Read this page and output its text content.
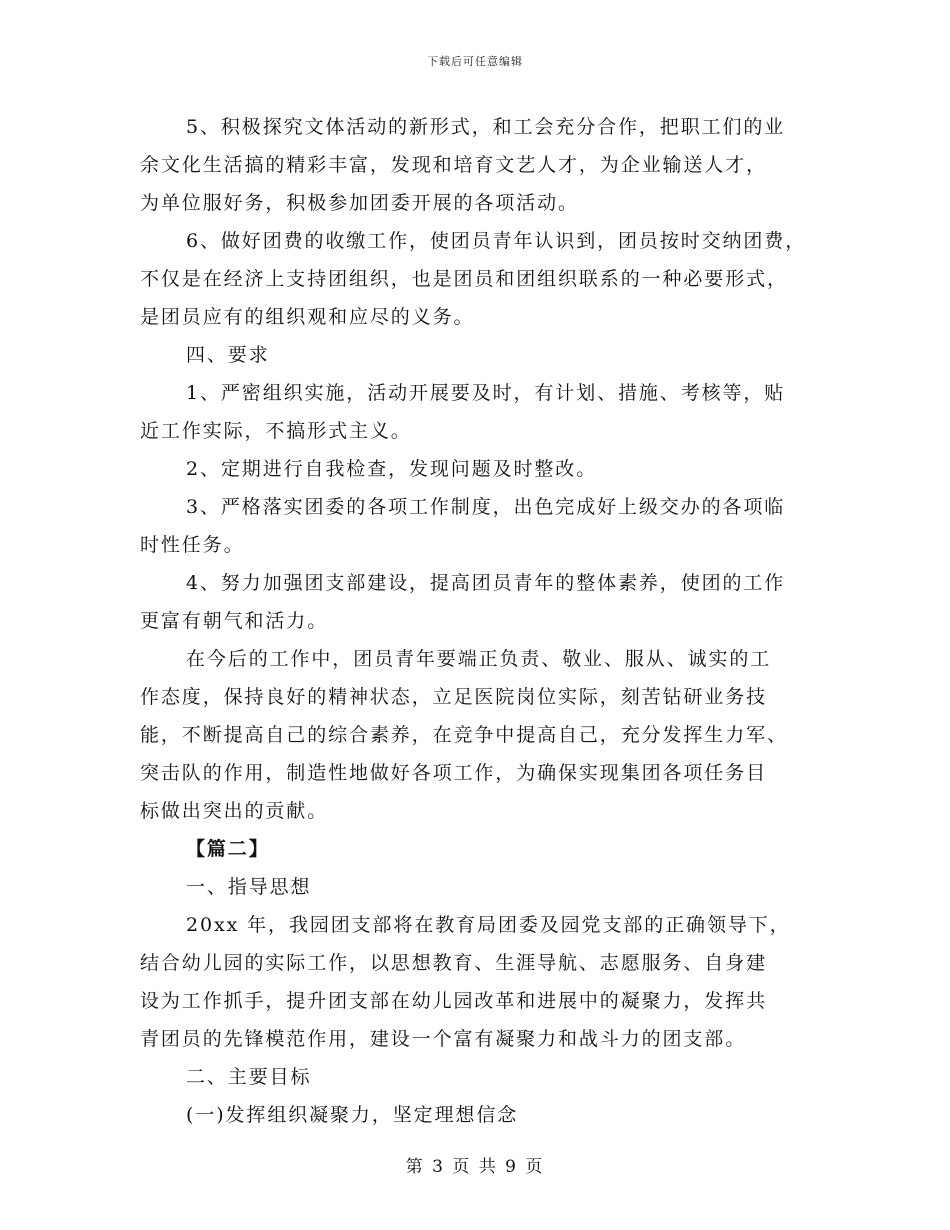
下载后可任意编辑
5、积极探究文体活动的新形式，和工会充分合作，把职工们的业
余文化生活搞的精彩丰富，发现和培育文艺人才，为企业输送人才，
为单位服好务，积极参加团委开展的各项活动。
6、做好团费的收缴工作，使团员青年认识到，团员按时交纳团费，
不仅是在经济上支持团组织，也是团员和团组织联系的一种必要形式，
是团员应有的组织观和应尽的义务。
四、要求
1、严密组织实施，活动开展要及时，有计划、措施、考核等，贴
近工作实际，不搞形式主义。
2、定期进行自我检查，发现问题及时整改。
3、严格落实团委的各项工作制度，出色完成好上级交办的各项临
时性任务。
4、努力加强团支部建设，提高团员青年的整体素养，使团的工作
更富有朝气和活力。
在今后的工作中，团员青年要端正负责、敬业、服从、诚实的工
作态度，保持良好的精神状态，立足医院岗位实际，刻苦钻研业务技
能，不断提高自己的综合素养，在竞争中提高自己，充分发挥生力军、
突击队的作用，制造性地做好各项工作，为确保实现集团各项任务目
标做出突出的贡献。
【篇二】
一、指导思想
20xx 年，我园团支部将在教育局团委及园党支部的正确领导下，
结合幼儿园的实际工作，以思想教育、生涯导航、志愿服务、自身建
设为工作抓手，提升团支部在幼儿园改革和进展中的凝聚力，发挥共
青团员的先锋模范作用，建设一个富有凝聚力和战斗力的团支部。
二、主要目标
(一)发挥组织凝聚力，坚定理想信念
第 3 页 共 9 页
